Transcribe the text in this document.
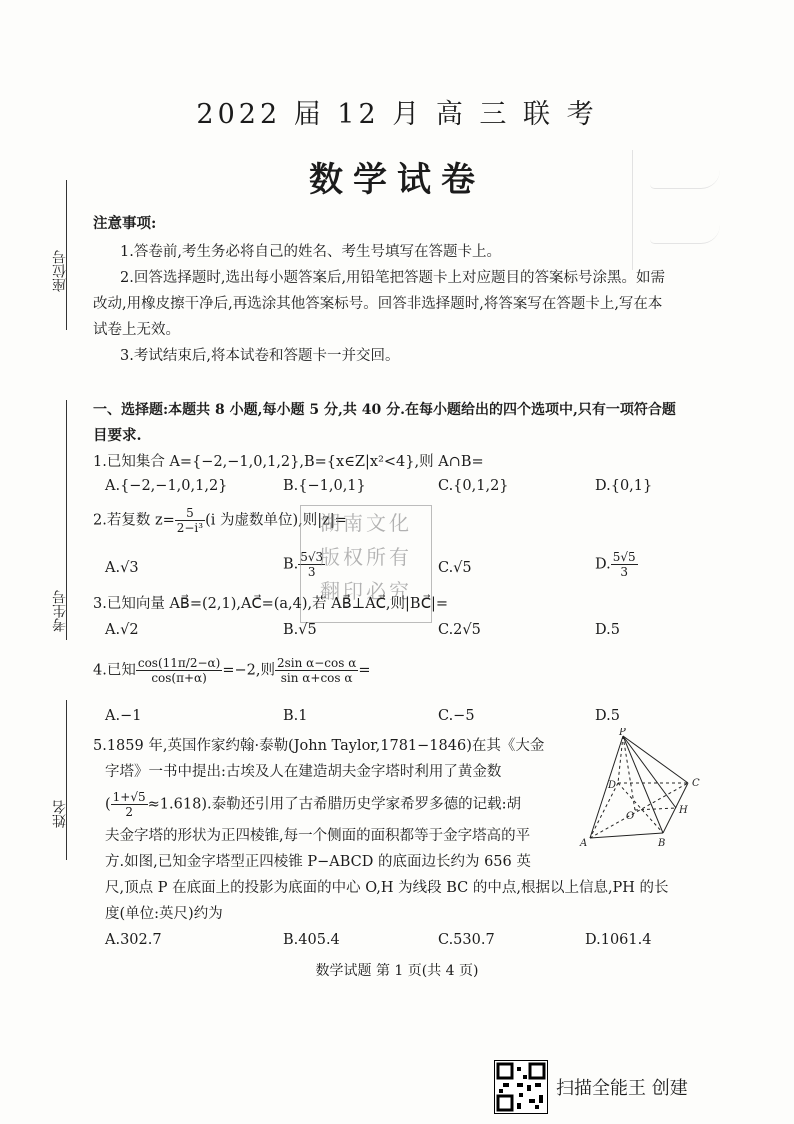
2022 届 12 月 高 三 联 考
数学试卷
座位号
考生号
姓名
注意事项:
1.答卷前,考生务必将自己的姓名、考生号填写在答题卡上。
2.回答选择题时,选出每小题答案后,用铅笔把答题卡上对应题目的答案标号涂黑。如需
改动,用橡皮擦干净后,再选涂其他答案标号。回答非选择题时,将答案写在答题卡上,写在本
试卷上无效。
3.考试结束后,将本试卷和答题卡一并交回。
一、选择题:本题共 8 小题,每小题 5 分,共 40 分.在每小题给出的四个选项中,只有一项符合题
目要求.
1.已知集合 A={−2,−1,0,1,2},B={x∈Z|x²<4},则 A∩B=
A.{−2,−1,0,1,2}	B.{−1,0,1}	C.{0,1,2}	D.{0,1}
2.若复数 $z= \frac{5}{\text{2−i³}} (i$ 为虚数单位),则|z|=
A.√3	B. $\frac{5√3}{3}$	C.√5	D. $\frac{5√5}{3}$
湖南文化
版权所有
翻印必究
3.已知向量 AB⃗=(2,1),AC⃗=(a,4),若 AB⃗⊥AC⃗,则|BC⃗|=
A.√2	B.√5	C.2√5	D.5
4.已知 $\frac{\cos(11\pi/2-\alpha)}{\cos(\pi+\alpha)} =-2$,则 $\frac{\text{2sin α−cos α}}{\text{sin α+cos α}}$ =
A.−1	B.1	C.−5	D.5
5.1859 年,英国作家约翰·泰勒(John Taylor,1781−1846)在其《大金
字塔》一书中提出:古埃及人在建造胡夫金字塔时利用了黄金数
( $\frac{1+√5}{2} \approx 1.618$).泰勒还引用了古希腊历史学家希罗多德的记载:胡
夫金字塔的形状为正四棱锥,每一个侧面的面积都等于金字塔高的平
方.如图,已知金字塔型正四棱锥 P−ABCD 的底面边长约为 656 英
尺,顶点 P 在底面上的投影为底面的中心 O,H 为线段 BC 的中点,根据以上信息,PH 的长
度(单位:英尺)约为
A.302.7	B.405.4	C.530.7	D.1061.4
P
A	B
C
D
O
H
数学试题 第 1 页(共 4 页)
扫描全能王 创建
